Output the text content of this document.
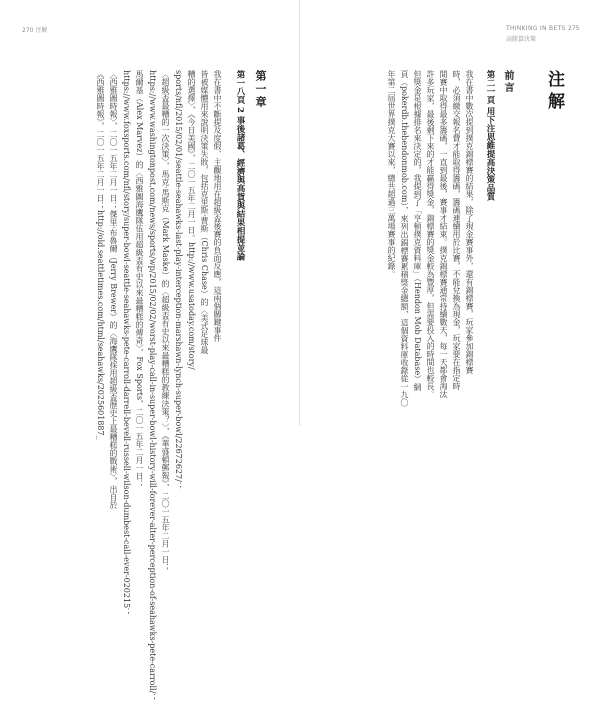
270 注解
第一章
第一八頁 2 事後諸葛、經濟與高貨與結果相提並論
我在書中不斷提及度假、主觀地用在超級盃後賽的負面反應，這兩個關鍵事件
皆被媒體用來說明決策失敗，包括克里斯·曹斯（Chris Chase）的〈美式足球最
糟的選擇〉，《今日美國》，二〇一五年二月一日。http://www.usatoday.com/story/
sports/nfl/2015/02/01/seattle-seahawks-last-play-interception-marshawn-lynch-super-bowl/22672627/；
〈超級盃最糟的一次決策〉，馬克·馬斯克（Mark Maske）的〈超級盃有史以來最糟糕的教練決策？〉，《華盛頓郵報》，二〇一五年二月一日；
https://www.washingtonpost.com/news/sports/wp/2015/02/02/worst-play-call-in-super-bowl-history-will-forever-alter-perception-of-seahawks-pete-carroll/；
馬爾基（Alex Marvez）的〈西雅圖海鷹隊伍用超級盃有史以來最糟糕的傳奇〉，Fox Sports，二〇一五年二月一日；
https://www.foxsports.com/nfl/story/super-bowl-seattle-seahawks-pete-carroll-darrell-bevell-russell-wilson-dumbest-call-ever-020215；
〈西雅圖時報〉，二〇一五年二月一日；傑里·布魯爾（Jerry Brewer）的〈海鷹隊採用超級盃歷史上最糟糕的戰術〉，出自於
《西雅圖時報》，二〇一五年二月一日；http://old.seattletimes.com/html/seahawks/2025601887_
THINKING IN BETS
高勝算決策
275
注解
前言
第二一頁 用下注思維提高決策品質
我在書中數次提到撲克錦標賽的結果，除了現金賽事外，還有錦標賽，玩家參加錦標賽
時，必須繳交報名費才能取得籌碼，籌碼連續用於比賽，不能兌換為現金，玩家要在指定時
間賽中取得最多籌碼，一直到最後，賽事才結束。撲克錦標賽通常持續數天，每一天都會淘汰
許多玩家，最後剩下來的才能贏得獎金，錦標賽的獎金較為豐厚，但需要投入的時間也較長。
但獎金是根據排名來決定的，我提到了「亨頓撲克資料庫」（Hendon Mob Database）網
頁（pokerdb.thehendonmob.com），來列出錦標賽累積獎金總額，這個資料庫收錄從一九〇
年第二屆世界撲克大賽以來，總共超過三萬場賽事的紀錄。
